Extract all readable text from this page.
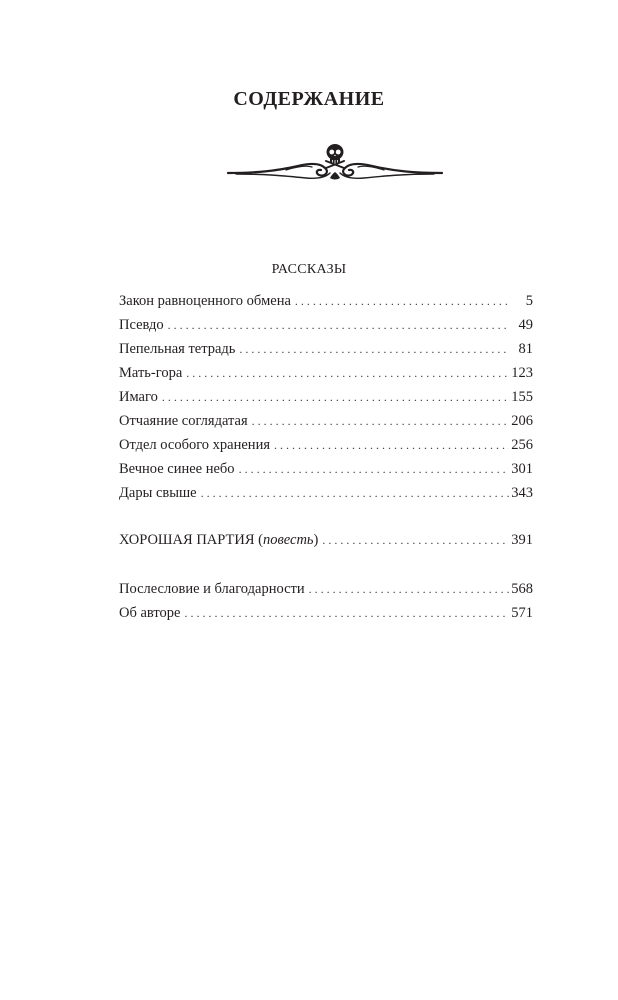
СОДЕРЖАНИЕ
РАССКАЗЫ
Закон равноценного обмена . . .	5
Псевдо . . .	49
Пепельная тетрадь . . .	81
Мать-гора . . .	123
Имаго . . .	155
Отчаяние соглядатая . . .	206
Отдел особого хранения . . .	256
Вечное синее небо . . .	301
Дары свыше . . .	343
ХОРОШАЯ ПАРТИЯ (повесть) . . .	391
Послесловие и благодарности . . .	568
Об авторе . . .	571
